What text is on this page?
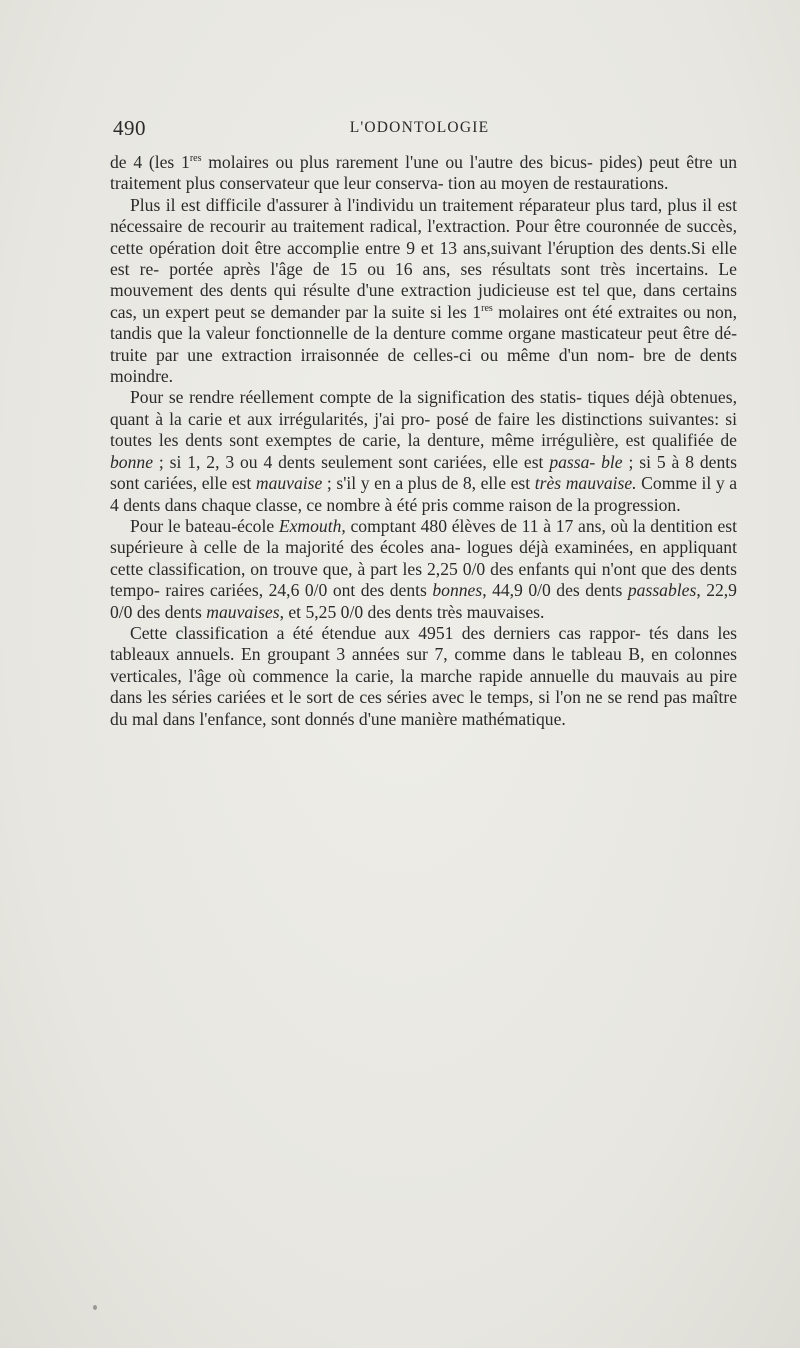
490	L'ODONTOLOGIE

de 4 (les 1res molaires ou plus rarement l'une ou l'autre des bicus- pides) peut être un traitement plus conservateur que leur conserva- tion au moyen de restaurations.

Plus il est difficile d'assurer à l'individu un traitement réparateur plus tard, plus il est nécessaire de recourir au traitement radical, l'extraction. Pour être couronnée de succès, cette opération doit être accomplie entre 9 et 13 ans,suivant l'éruption des dents.Si elle est re- portée après l'âge de 15 ou 16 ans, ses résultats sont très incertains. Le mouvement des dents qui résulte d'une extraction judicieuse est tel que, dans certains cas, un expert peut se demander par la suite si les 1res molaires ont été extraites ou non, tandis que la valeur fonctionnelle de la denture comme organe masticateur peut être dé- truite par une extraction irraisonnée de celles-ci ou même d'un nom- bre de dents moindre.

Pour se rendre réellement compte de la signification des statis- tiques déjà obtenues, quant à la carie et aux irrégularités, j'ai pro- posé de faire les distinctions suivantes: si toutes les dents sont exemptes de carie, la denture, même irrégulière, est qualifiée de bonne ; si 1, 2, 3 ou 4 dents seulement sont cariées, elle est passa- ble ; si 5 à 8 dents sont cariées, elle est mauvaise ; s'il y en a plus de 8, elle est très mauvaise. Comme il y a 4 dents dans chaque classe, ce nombre à été pris comme raison de la progression.

Pour le bateau-école Exmouth, comptant 480 élèves de 11 à 17 ans, où la dentition est supérieure à celle de la majorité des écoles ana- logues déjà examinées, en appliquant cette classification, on trouve que, à part les 2,25 0/0 des enfants qui n'ont que des dents tempo- raires cariées, 24,6 0/0 ont des dents bonnes, 44,9 0/0 des dents passables, 22,9 0/0 des dents mauvaises, et 5,25 0/0 des dents très mauvaises.

Cette classification a été étendue aux 4951 des derniers cas rappor- tés dans les tableaux annuels. En groupant 3 années sur 7, comme dans le tableau B, en colonnes verticales, l'âge où commence la carie, la marche rapide annuelle du mauvais au pire dans les séries cariées et le sort de ces séries avec le temps, si l'on ne se rend pas maître du mal dans l'enfance, sont donnés d'une manière mathématique.
